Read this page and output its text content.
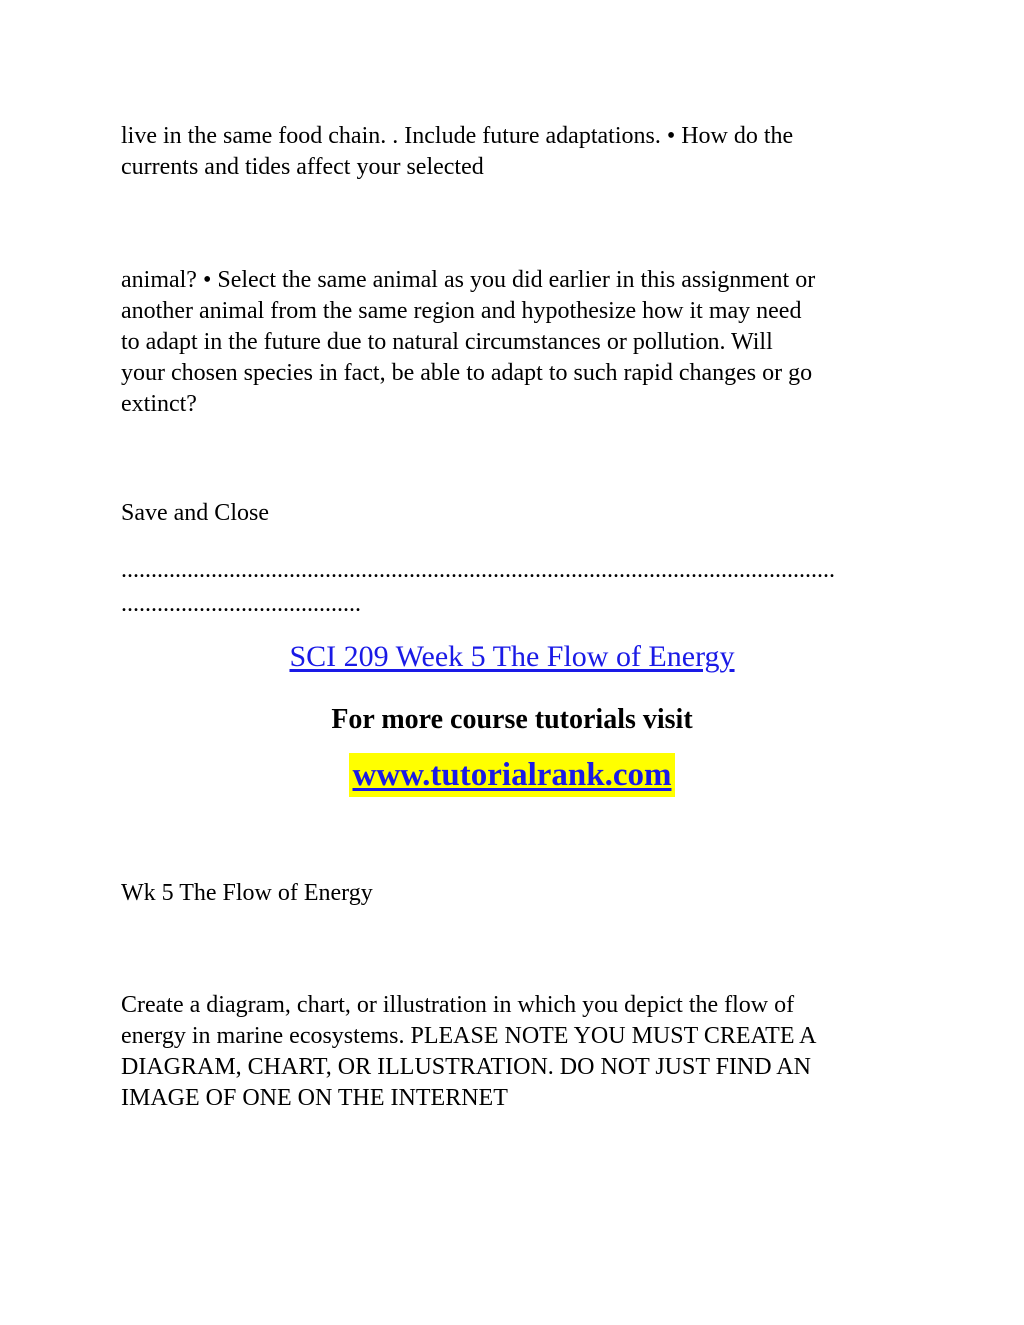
live in the same food chain. . Include future adaptations. • How do the
currents and tides affect your selected

animal? • Select the same animal as you did earlier in this assignment or
another animal from the same region and hypothesize how it may need
to adapt in the future due to natural circumstances or pollution. Will
your chosen species in fact, be able to adapt to such rapid changes or go
extinct?

Save and Close

.......................................................................................................................
........................................
SCI 209 Week 5 The Flow of Energy
For more course tutorials visit
www.tutorialrank.com

Wk 5 The Flow of Energy

Create a diagram, chart, or illustration in which you depict the flow of
energy in marine ecosystems. PLEASE NOTE YOU MUST CREATE A
DIAGRAM, CHART, OR ILLUSTRATION. DO NOT JUST FIND AN
IMAGE OF ONE ON THE INTERNET
